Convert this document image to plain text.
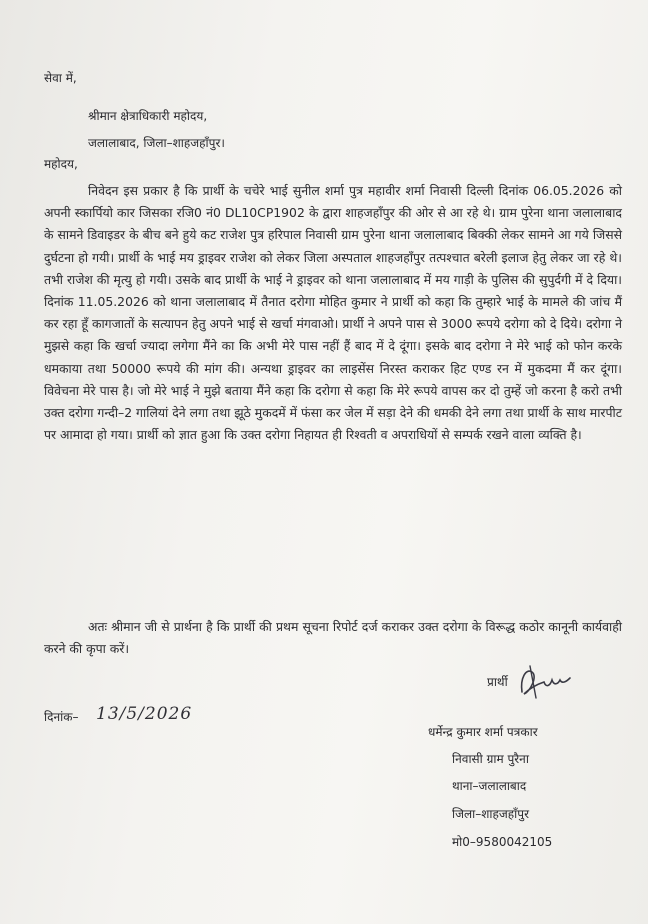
सेवा में,
श्रीमान क्षेत्राधिकारी महोदय,
जलालाबाद, जिला–शाहजहाँपुर।
महोदय,
निवेदन इस प्रकार है कि प्रार्थी के चचेरे भाई सुनील शर्मा पुत्र महावीर शर्मा निवासी दिल्ली दिनांक 06.05.2026 को अपनी स्कार्पियो कार जिसका रजि0 नं0 DL10CP1902 के द्वारा शाहजहाँपुर की ओर से आ रहे थे। ग्राम पुरेना थाना जलालाबाद के सामने डिवाइडर के बीच बने हुये कट राजेश पुत्र हरिपाल निवासी ग्राम पुरेना थाना जलालाबाद बिक्की लेकर सामने आ गये जिससे दुर्घटना हो गयी। प्रार्थी के भाई मय ड्राइवर राजेश को लेकर जिला अस्पताल शाहजहाँपुर तत्पश्चात बरेली इलाज हेतु लेकर जा रहे थे। तभी राजेश की मृत्यु हो गयी। उसके बाद प्रार्थी के भाई ने ड्राइवर को थाना जलालाबाद में मय गाड़ी के पुलिस की सुपुर्दगी में दे दिया। दिनांक 11.05.2026 को थाना जलालाबाद में तैनात दरोगा मोहित कुमार ने प्रार्थी को कहा कि तुम्हारे भाई के मामले की जांच मैं कर रहा हूँ कागजातों के सत्यापन हेतु अपने भाई से खर्चा मंगवाओ। प्रार्थी ने अपने पास से 3000 रूपये दरोगा को दे दिये। दरोगा ने मुझसे कहा कि खर्चा ज्यादा लगेगा मैंने का कि अभी मेरे पास नहीं हैं बाद में दे दूंगा। इसके बाद दरोगा ने मेरे भाई को फोन करके धमकाया तथा 50000 रूपये की मांग की। अन्यथा ड्राइवर का लाइसेंस निरस्त कराकर हिट एण्ड रन में मुकदमा मैं कर दूंगा। विवेचना मेरे पास है। जो मेरे भाई ने मुझे बताया मैंने कहा कि दरोगा से कहा कि मेरे रूपये वापस कर दो तुम्हें जो करना है करो तभी उक्त दरोगा गन्दी–2 गालियां देने लगा तथा झूठे मुकदमें में फंसा कर जेल में सड़ा देने की धमकी देने लगा तथा प्रार्थी के साथ मारपीट पर आमादा हो गया। प्रार्थी को ज्ञात हुआ कि उक्त दरोगा निहायत ही रिश्वती व अपराधियों से सम्पर्क रखने वाला व्यक्ति है।
अतः श्रीमान जी से प्रार्थना है कि प्रार्थी की प्रथम सूचना रिपोर्ट दर्ज कराकर उक्त दरोगा के विरूद्ध कठोर कानूनी कार्यवाही करने की कृपा करें।
प्रार्थी
दिनांक– 13/5/2026
धर्मेन्द्र कुमार शर्मा पत्रकार
निवासी ग्राम पुरैना
थाना–जलालाबाद
जिला–शाहजहाँपुर
मो0–9580042105
